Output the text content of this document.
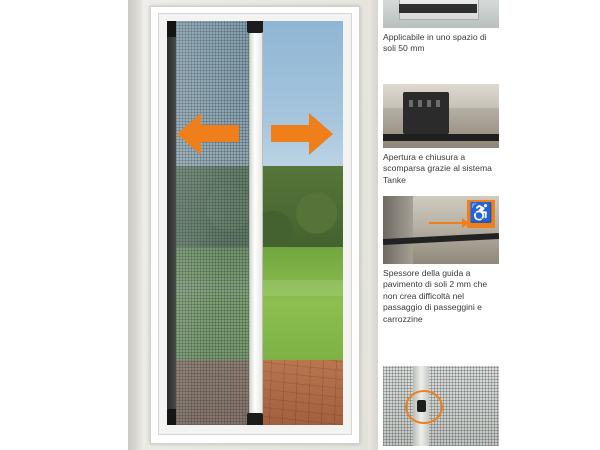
Applicabile in uno spazio di soli 50 mm
Apertura e chiusura a scomparsa grazie al sistema Tanke
♿
Spessore della guida a pavimento di soli 2 mm che non crea difficoltà nel passaggio di passeggini e carrozzine
